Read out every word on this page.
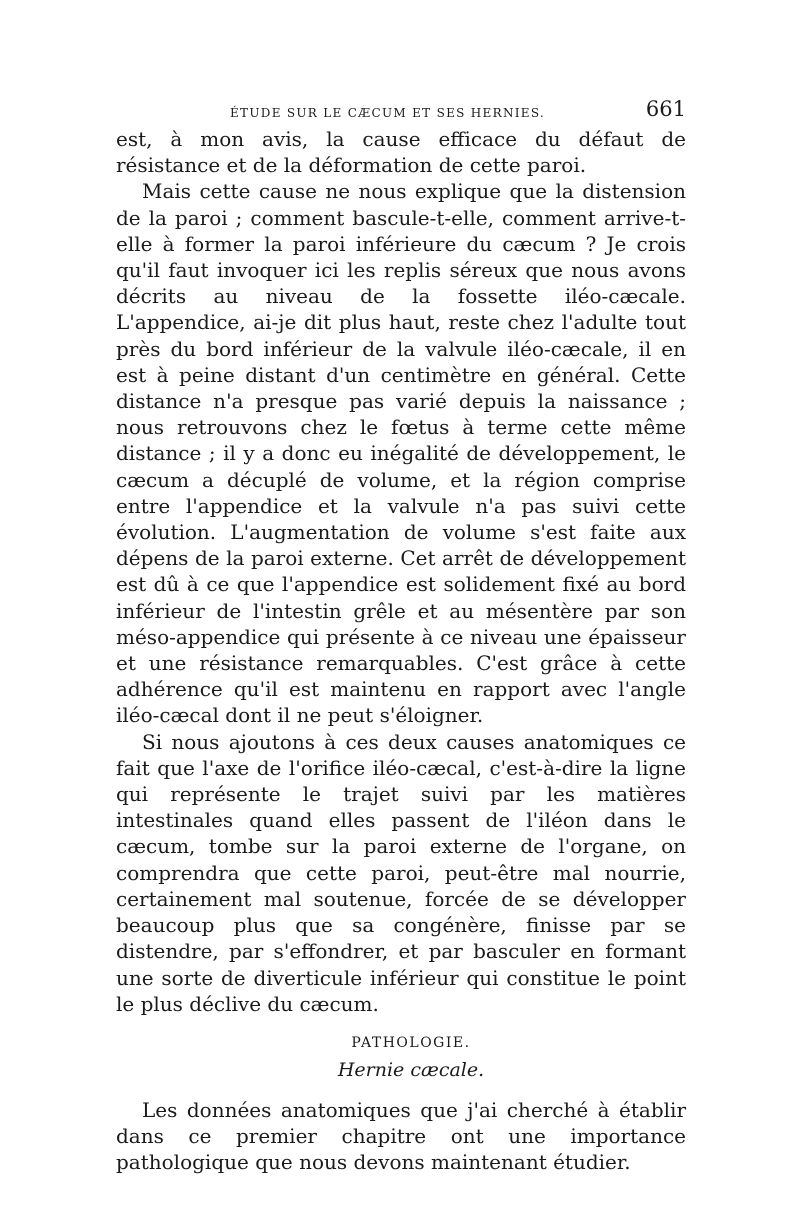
ÉTUDE SUR LE CÆCUM ET SES HERNIES.	661

est, à mon avis, la cause efficace du défaut de résistance et de la déformation de cette paroi.

Mais cette cause ne nous explique que la distension de la paroi ; comment bascule-t-elle, comment arrive-t-elle à former la paroi inférieure du cæcum ? Je crois qu'il faut invoquer ici les replis séreux que nous avons décrits au niveau de la fossette iléo-cæcale. L'appendice, ai-je dit plus haut, reste chez l'adulte tout près du bord inférieur de la valvule iléo-cæcale, il en est à peine distant d'un centimètre en général. Cette distance n'a presque pas varié depuis la naissance ; nous retrouvons chez le fœtus à terme cette même distance ; il y a donc eu inégalité de développement, le cæcum a décuplé de volume, et la région comprise entre l'appendice et la valvule n'a pas suivi cette évolution. L'augmentation de volume s'est faite aux dépens de la paroi externe. Cet arrêt de développement est dû à ce que l'appendice est solidement fixé au bord inférieur de l'intestin grêle et au mésentère par son méso-appendice qui présente à ce niveau une épaisseur et une résistance remarquables. C'est grâce à cette adhérence qu'il est maintenu en rapport avec l'angle iléo-cæcal dont il ne peut s'éloigner.

Si nous ajoutons à ces deux causes anatomiques ce fait que l'axe de l'orifice iléo-cæcal, c'est-à-dire la ligne qui représente le trajet suivi par les matières intestinales quand elles passent de l'iléon dans le cæcum, tombe sur la paroi externe de l'organe, on comprendra que cette paroi, peut-être mal nourrie, certainement mal soutenue, forcée de se développer beaucoup plus que sa congénère, finisse par se distendre, par s'effondrer, et par basculer en formant une sorte de diverticule inférieur qui constitue le point le plus déclive du cæcum.

PATHOLOGIE.
Hernie cæcale.

Les données anatomiques que j'ai cherché à établir dans ce premier chapitre ont une importance pathologique que nous devons maintenant étudier.
